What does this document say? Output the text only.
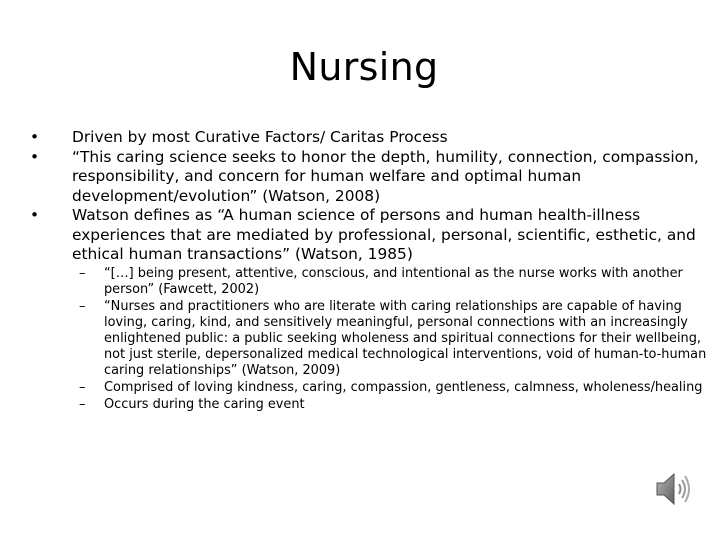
Nursing
• Driven by most Curative Factors/ Caritas Process
• “This caring science seeks to honor the depth, humility, connection, compassion, responsibility, and concern for human welfare and optimal human development/evolution” (Watson, 2008)
• Watson defines as “A human science of persons and human health-illness experiences that are mediated by professional, personal, scientific, esthetic, and ethical human transactions” (Watson, 1985)
– “[…] being present, attentive, conscious, and intentional as the nurse works with another person” (Fawcett, 2002)
– “Nurses and practitioners who are literate with caring relationships are capable of having loving, caring, kind, and sensitively meaningful, personal connections with an increasingly enlightened public: a public seeking wholeness and spiritual connections for their wellbeing, not just sterile, depersonalized medical technological interventions, void of human-to-human caring relationships” (Watson, 2009)
– Comprised of loving kindness, caring, compassion, gentleness, calmness, wholeness/healing
– Occurs during the caring event
